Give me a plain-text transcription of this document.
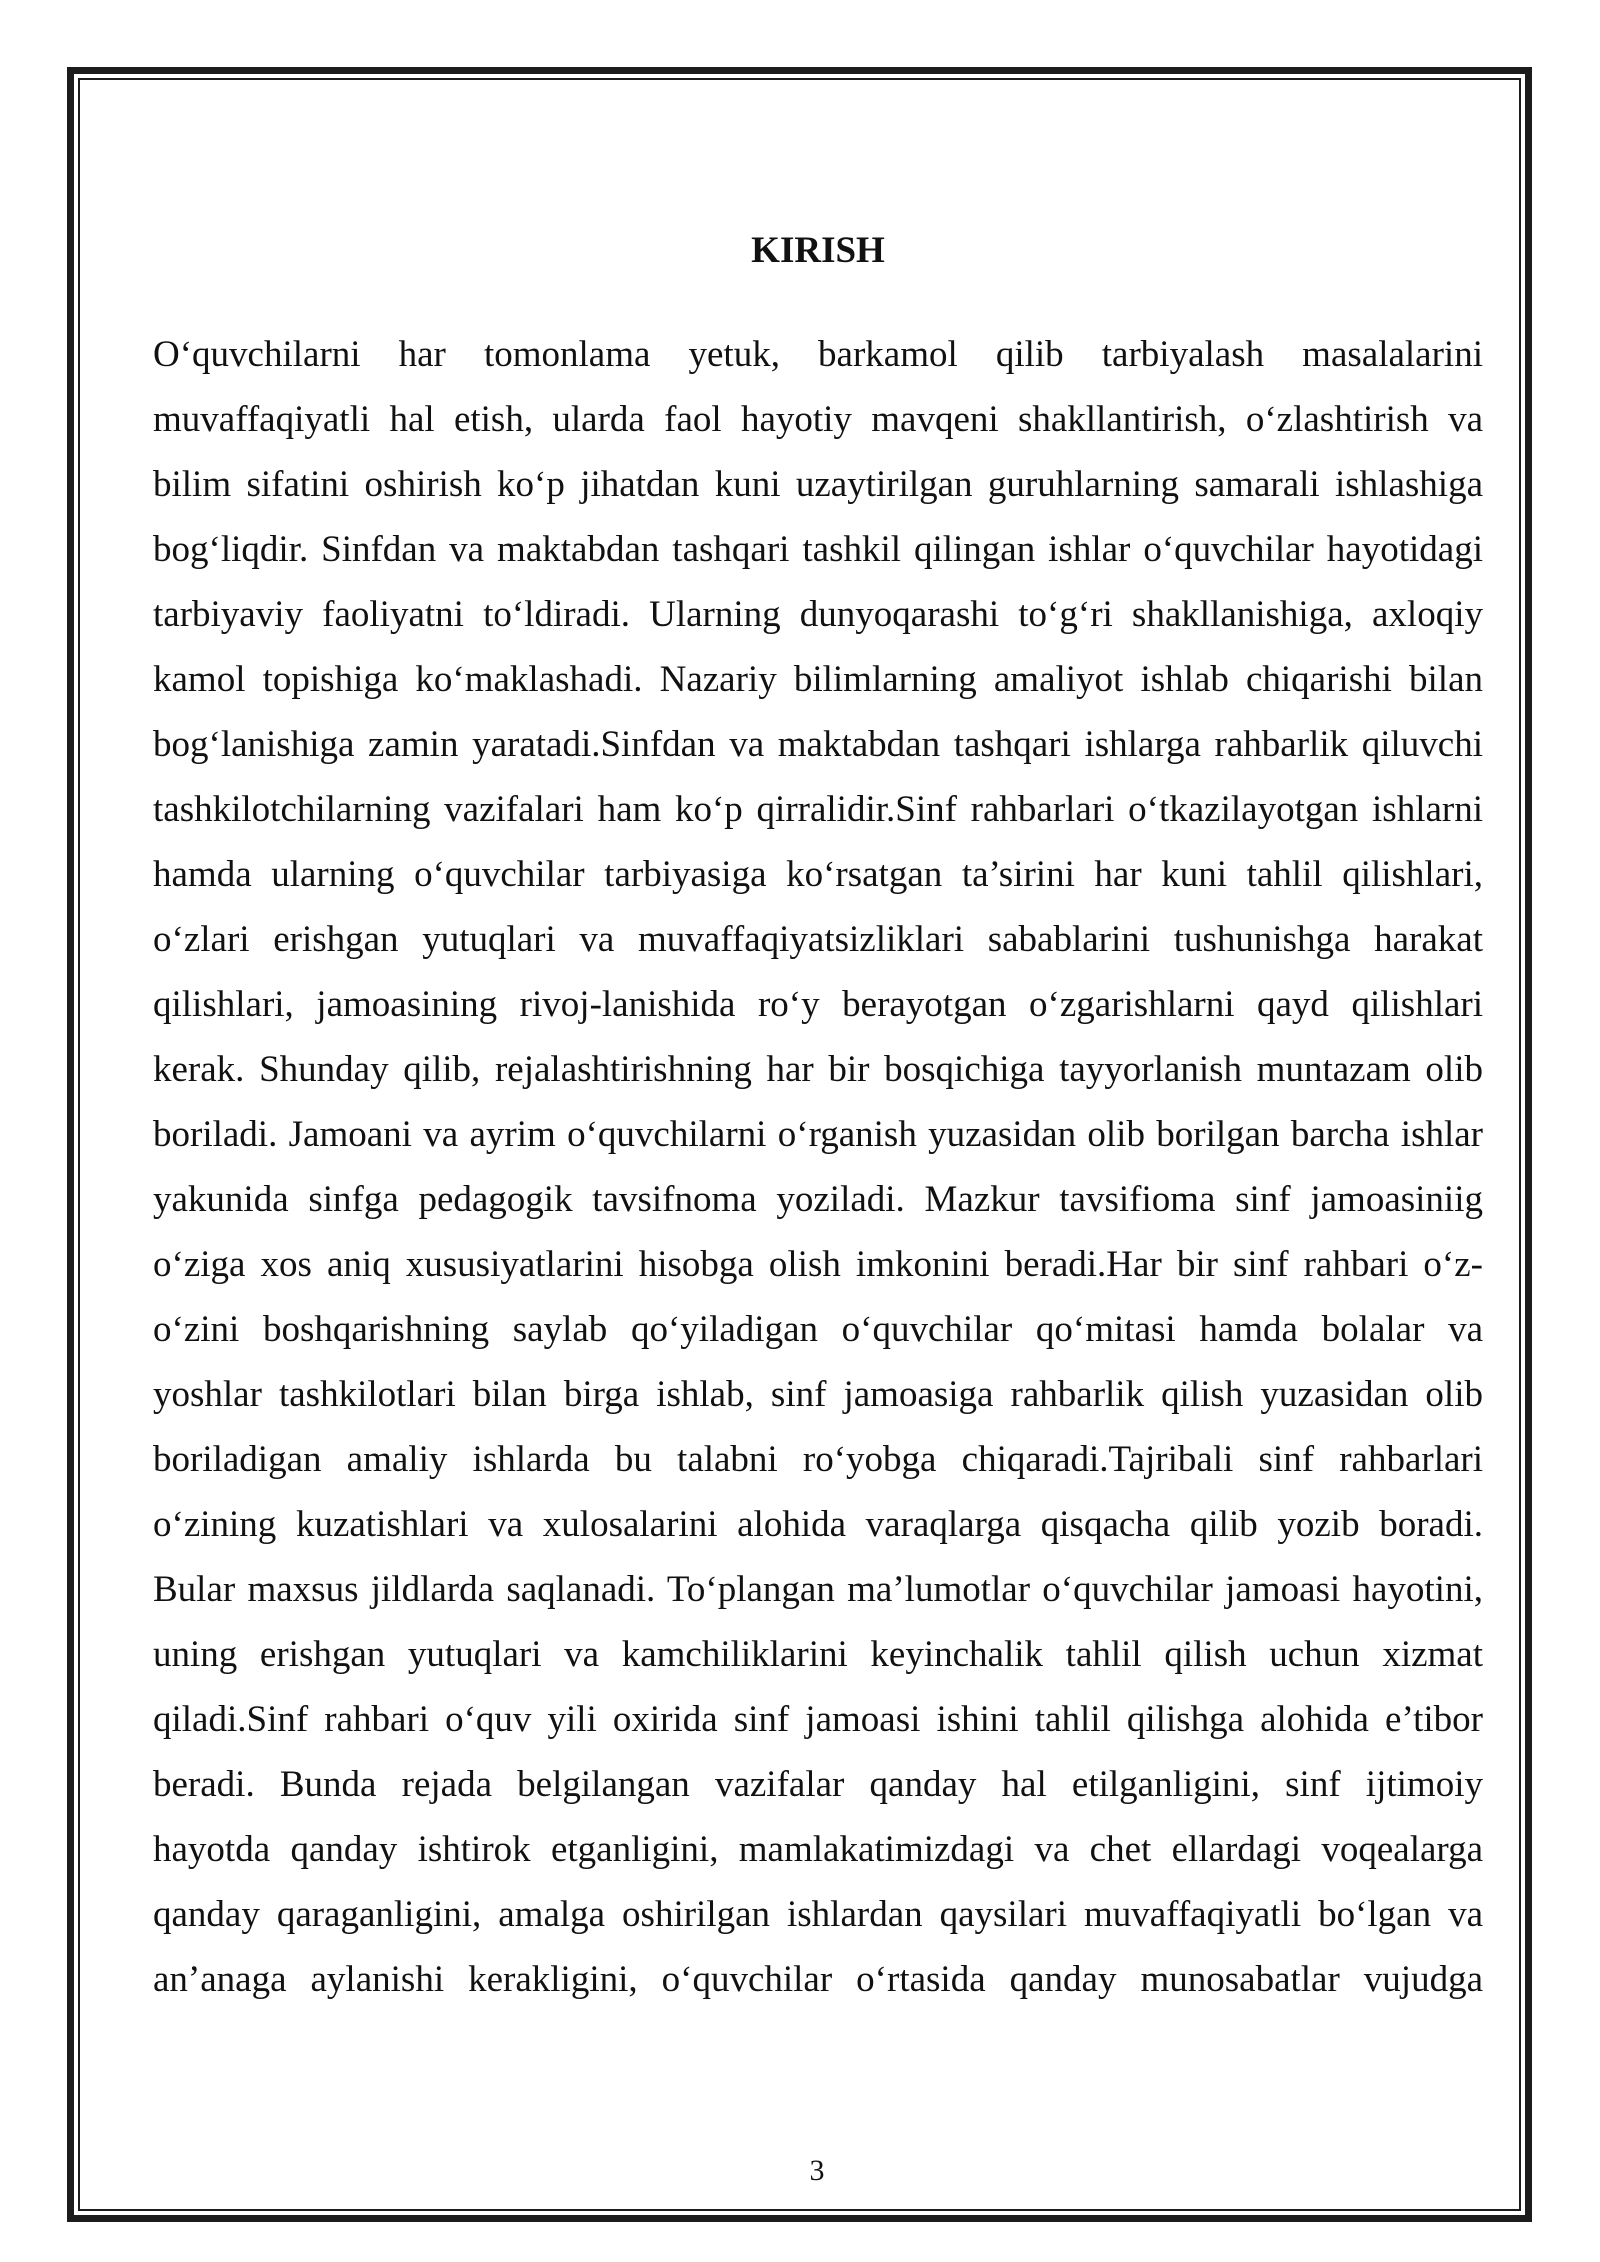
KIRISH
O‘quvchilarni har tomonlama yetuk, barkamol qilib tarbiyalash masalalarini
muvaffaqiyatli hal etish, ularda faol hayotiy mavqeni shakllantirish, o‘zlashtirish va
bilim sifatini oshirish ko‘p jihatdan kuni uzaytirilgan guruhlarning samarali ishlashiga
bog‘liqdir. Sinfdan va maktabdan tashqari tashkil qilingan ishlar o‘quvchilar hayotidagi
tarbiyaviy faoliyatni to‘ldiradi. Ularning dunyoqarashi to‘g‘ri shakllanishiga, axloqiy
kamol topishiga ko‘maklashadi. Nazariy bilimlarning amaliyot ishlab chiqarishi bilan
bog‘lanishiga zamin yaratadi.Sinfdan va maktabdan tashqari ishlarga rahbarlik qiluvchi
tashkilotchilarning vazifalari ham ko‘p qirralidir.Sinf rahbarlari o‘tkazilayotgan ishlarni
hamda ularning o‘quvchilar tarbiyasiga ko‘rsatgan ta’sirini har kuni tahlil qilishlari,
o‘zlari erishgan yutuqlari va muvaffaqiyatsizliklari sabablarini tushunishga harakat
qilishlari, jamoasining rivoj-lanishida ro‘y berayotgan o‘zgarishlarni qayd qilishlari
kerak. Shunday qilib, rejalashtirishning har bir bosqichiga tayyorlanish muntazam olib
boriladi. Jamoani va ayrim o‘quvchilarni o‘rganish yuzasidan olib borilgan barcha ishlar
yakunida sinfga pedagogik tavsifnoma yoziladi. Mazkur tavsifioma sinf jamoasiniig
o‘ziga xos aniq xususiyatlarini hisobga olish imkonini beradi.Har bir sinf rahbari o‘z-
o‘zini boshqarishning saylab qo‘yiladigan o‘quvchilar qo‘mitasi hamda bolalar va
yoshlar tashkilotlari bilan birga ishlab, sinf jamoasiga rahbarlik qilish yuzasidan olib
boriladigan amaliy ishlarda bu talabni ro‘yobga chiqaradi.Tajribali sinf rahbarlari
o‘zining kuzatishlari va xulosalarini alohida varaqlarga qisqacha qilib yozib boradi.
Bular maxsus jildlarda saqlanadi. To‘plangan ma’lumotlar o‘quvchilar jamoasi hayotini,
uning erishgan yutuqlari va kamchiliklarini keyinchalik tahlil qilish uchun xizmat
qiladi.Sinf rahbari o‘quv yili oxirida sinf jamoasi ishini tahlil qilishga alohida e’tibor
beradi. Bunda rejada belgilangan vazifalar qanday hal etilganligini, sinf ijtimoiy
hayotda qanday ishtirok etganligini, mamlakatimizdagi va chet ellardagi voqealarga
qanday qaraganligini, amalga oshirilgan ishlardan qaysilari muvaffaqiyatli bo‘lgan va
an’anaga aylanishi kerakligini, o‘quvchilar o‘rtasida qanday munosabatlar vujudga
3
